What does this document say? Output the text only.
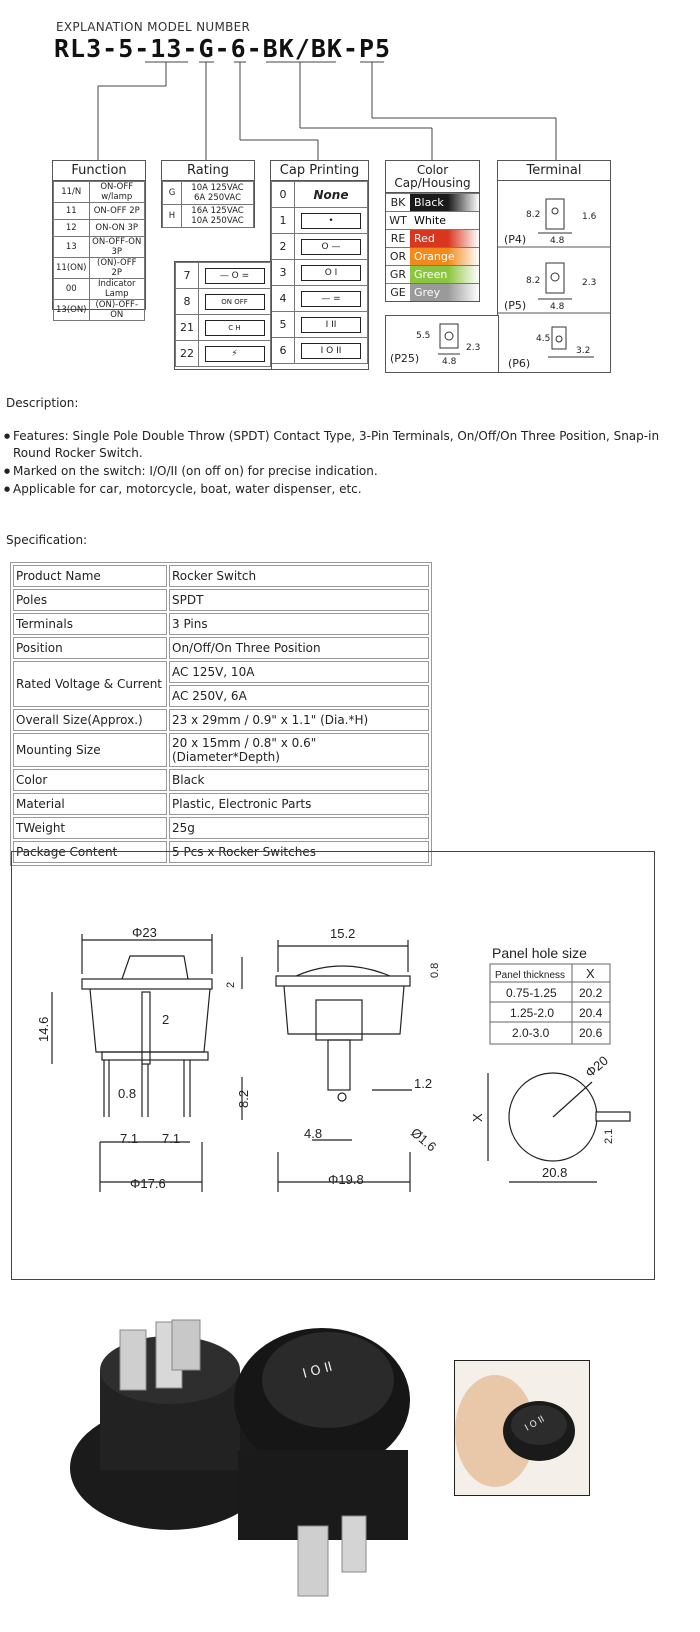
EXPLANATION MODEL NUMBER
RL3-5-13-G-6-BK/BK-P5
Function
11/N	ON-OFF w/lamp
11	ON-OFF 2P
12	ON-ON 3P
13	ON-OFF-ON 3P
11(ON)	(ON)-OFF 2P
00	Indicator Lamp
13(ON)	(ON)-OFF-ON
Rating
G	10A 125VAC
6A 250VAC

H	16A 125VAC
10A 250VAC
Cap Printing
0	None
1	•
2	O —
3	O I
4	— =
5	I II
6	I O II
7	— O =
8	ON OFF
21	C H
22	⚡
Color
Cap/Housing
BK Black
WT White
RE Red
OR Orange
GR Green
GE Grey
Terminal
8.2
4.8
1.6
(P4)
8.2
4.8
2.3
(P5)
4.5
3.2
(P6)
5.5
4.8
2.3
(P25)
Description:
● Features: Single Pole Double Throw (SPDT) Contact Type, 3-Pin Terminals, On/Off/On Three Position, Snap-in Round Rocker Switch.
● Marked on the switch: I/O/II (on off on) for precise indication.
● Applicable for car, motorcycle, boat, water dispenser, etc.
Specification:
Product Name	Rocker Switch
Poles	SPDT
Terminals	3 Pins
Position	On/Off/On Three Position
Rated Voltage & Current	AC 125V, 10A
	AC 250V, 6A
Overall Size(Approx.)	23 x 29mm / 0.9" x 1.1" (Dia.*H)
Mounting Size	20 x 15mm / 0.8" x 0.6" (Diameter*Depth)
Color	Black
Material	Plastic, Electronic Parts
TWeight	25g
Package Content	5 Pcs x Rocker Switches
Φ23
2
14.6	2
0.8	8.2
7.1 7.1
Φ17.6
15.2
0.8
1.2
4.8	Ø1.6
Φ19.8
X
Φ20
2.1
20.8
Panel hole size
Panel thickness X
0.75-1.25 20.2
1.25-2.0 20.4
2.0-3.0 20.6
I O II
I O II
